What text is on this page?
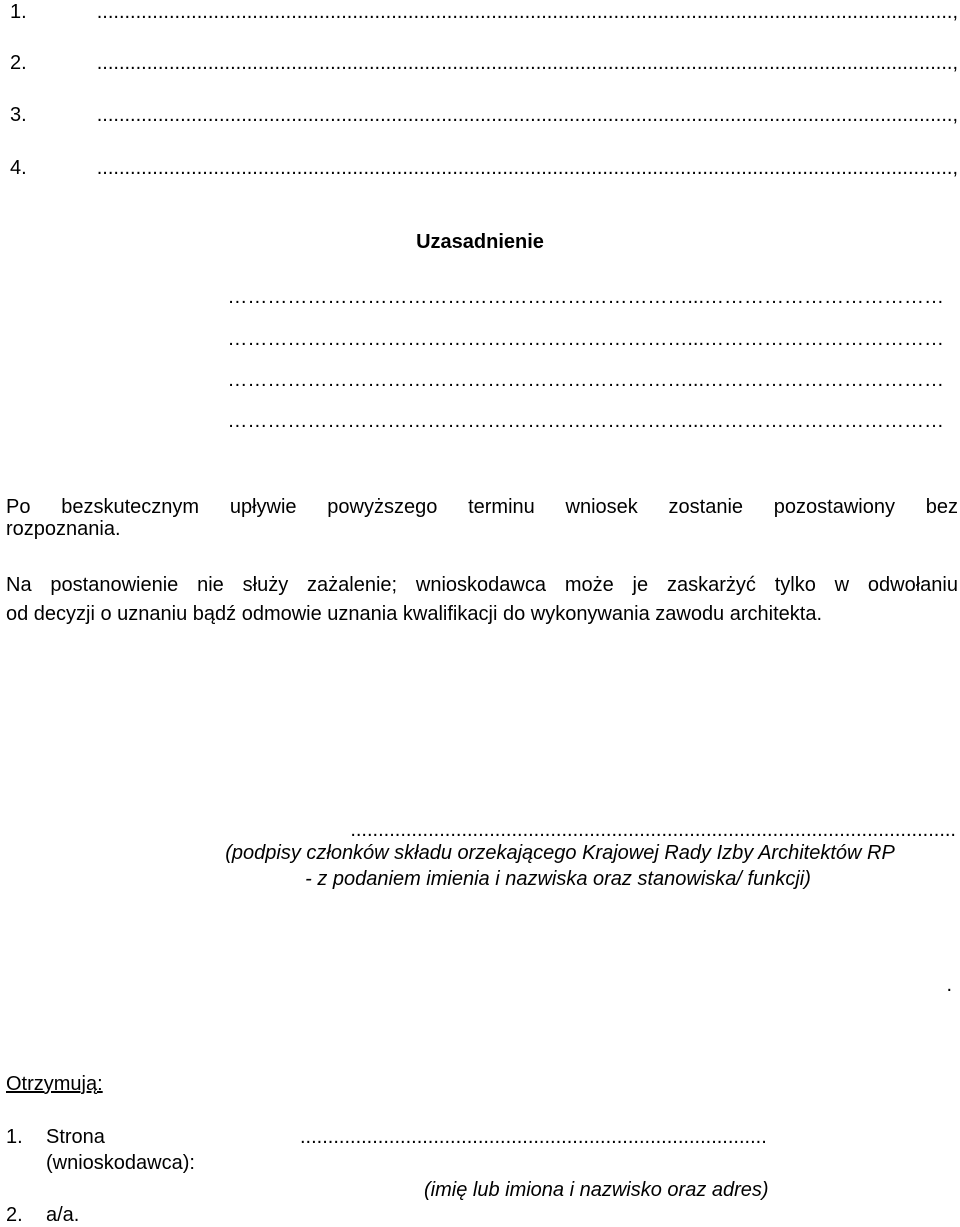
1.	..........................................................................................................................................................,
2.	..........................................................................................................................................................,
3.	..........................................................................................................................................................,
4.	..........................................................................................................................................................,
Uzasadnienie
……………………………………………………………...………………………………
……………………………………………………………...………………………………
……………………………………………………………...………………………………
……………………………………………………………...………………………………
Po bezskutecznym upływie powyższego terminu wniosek zostanie pozostawiony bez
rozpoznania.
Na postanowienie nie służy zażalenie; wnioskodawca może je zaskarżyć tylko w odwołaniu
od decyzji o uznaniu bądź odmowie uznania kwalifikacji do wykonywania zawodu architekta.
.............................................................................................................
(podpisy członków składu orzekającego Krajowej Rady Izby Architektów RP
- z podaniem imienia i nazwiska oraz stanowiska/ funkcji)
.
Otrzymują:
1. Strona
(wnioskodawca):
....................................................................................
(imię lub imiona i nazwisko oraz adres)
2. a/a.
